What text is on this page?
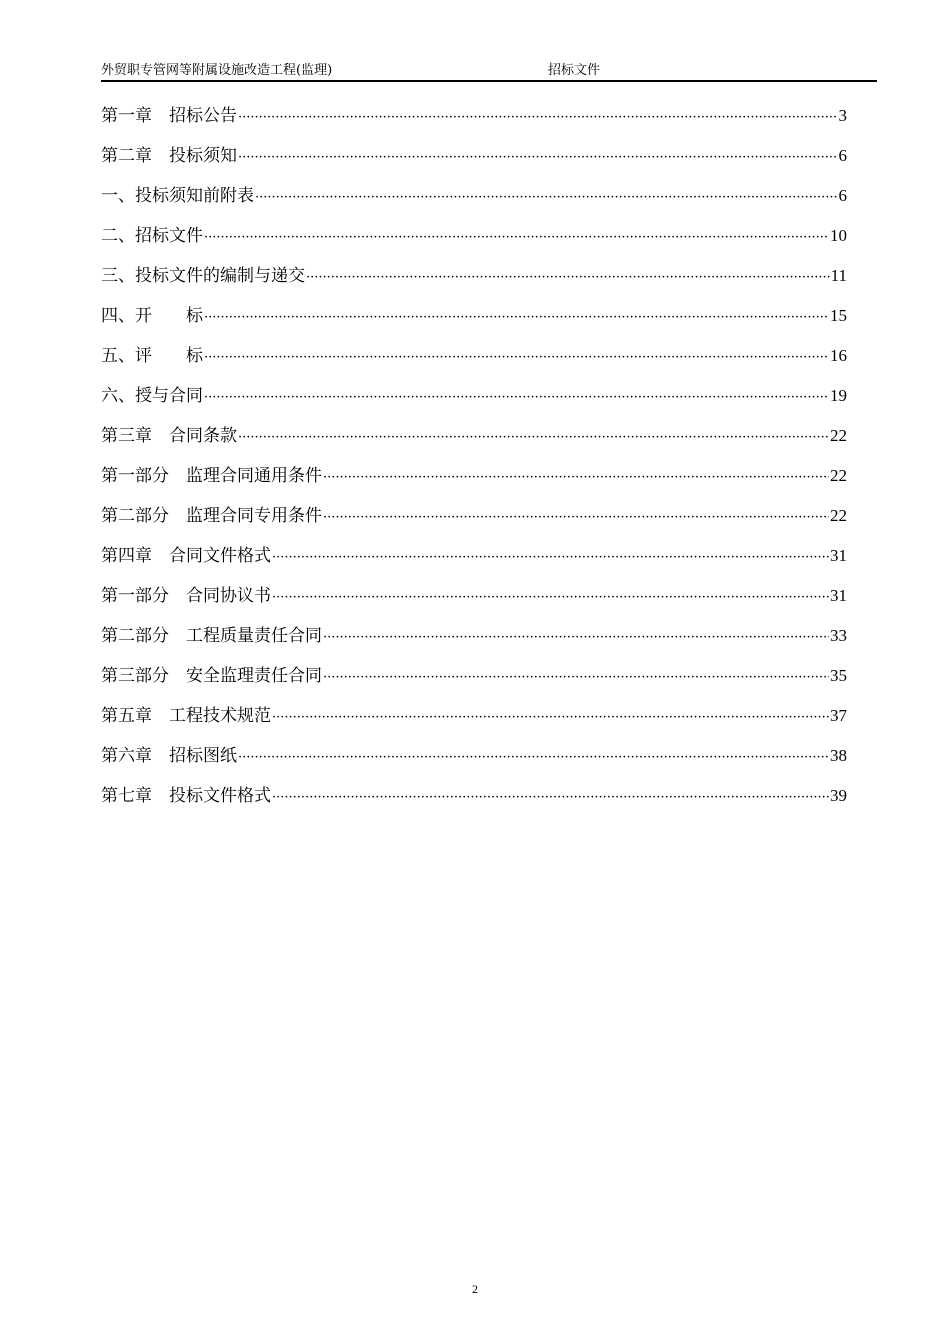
外贸职专管网等附属设施改造工程(监理)	招标文件
第一章　招标公告 ·····	3
第二章　投标须知 ·····	6
一、投标须知前附表 ·····	6
二、招标文件 ·····	10
三、投标文件的编制与递交 ·····	11
四、开　　标 ·····	15
五、评　　标 ·····	16
六、授与合同 ·····	19
第三章　合同条款 ·····	22
第一部分　监理合同通用条件 ·····	22
第二部分　监理合同专用条件 ·····	22
第四章　合同文件格式 ·····	31
第一部分　合同协议书 ·····	31
第二部分　工程质量责任合同 ·····	33
第三部分　安全监理责任合同 ·····	35
第五章　工程技术规范 ·····	37
第六章　招标图纸 ·····	38
第七章　投标文件格式 ·····	39
2
